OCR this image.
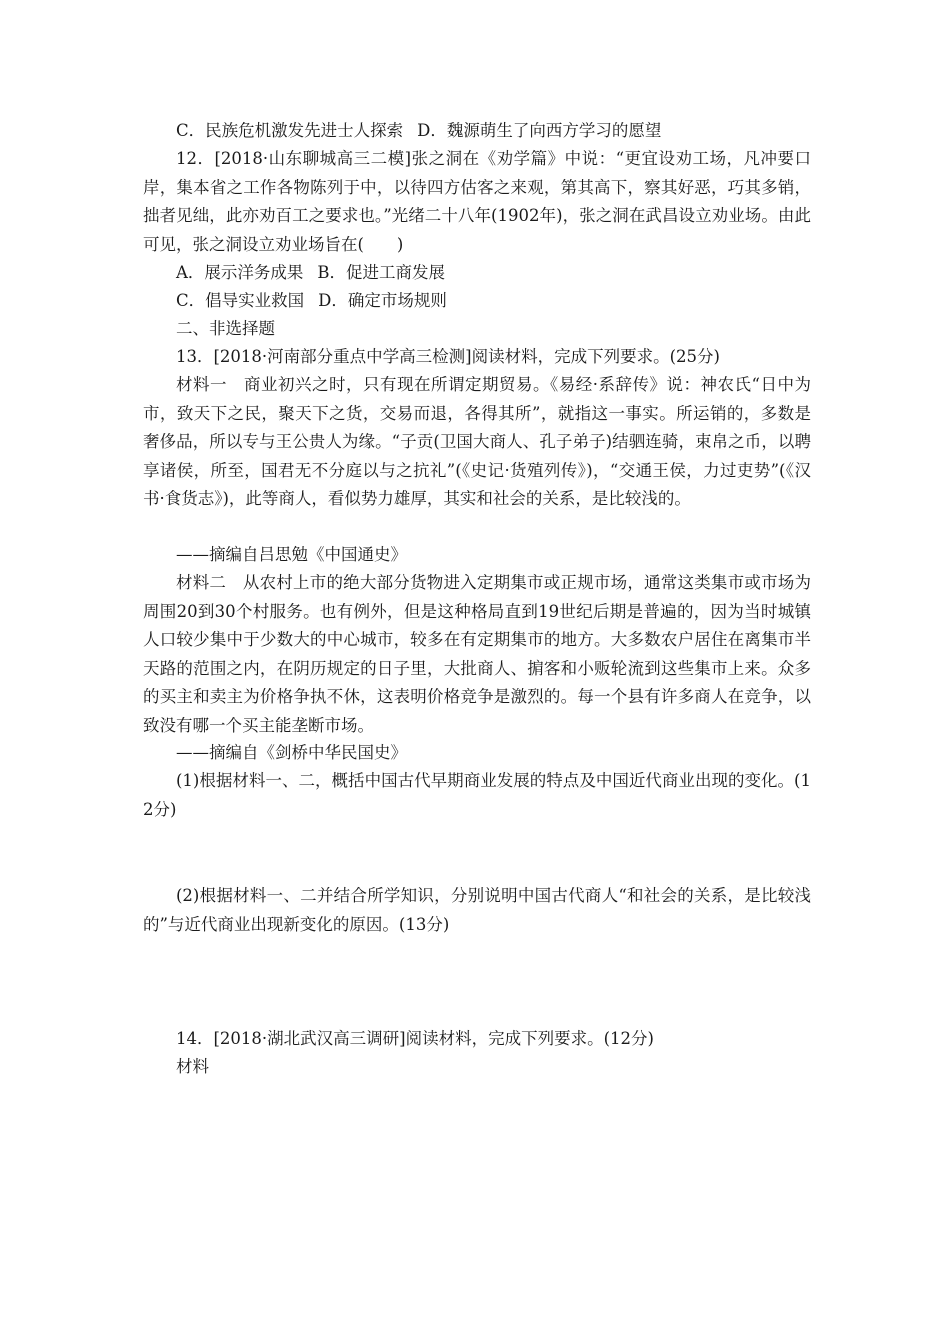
C．民族危机激发先进士人探索 D．魏源萌生了向西方学习的愿望

12．[2018·山东聊城高三二模]张之洞在《劝学篇》中说：“更宜设劝工场，凡冲要口岸，集本省之工作各物陈列于中，以待四方估客之来观，第其高下，察其好恶，巧其多销，拙者见绌，此亦劝百工之要求也。”光绪二十八年(1902年)，张之洞在武昌设立劝业场。由此可见，张之洞设立劝业场旨在(　　)

A．展示洋务成果 B．促进工商发展

C．倡导实业救国 D．确定市场规则

二、非选择题

13．[2018·河南部分重点中学高三检测]阅读材料，完成下列要求。(25分)

材料一　商业初兴之时，只有现在所谓定期贸易。《易经·系辞传》说：神农氏“日中为市，致天下之民，聚天下之货，交易而退，各得其所”，就指这一事实。所运销的，多数是奢侈品，所以专与王公贵人为缘。“子贡(卫国大商人、孔子弟子)结驷连骑，束帛之币，以聘享诸侯，所至，国君无不分庭以与之抗礼”(《史记·货殖列传》)，“交通王侯，力过吏势”(《汉书·食货志》)，此等商人，看似势力雄厚，其实和社会的关系，是比较浅的。

——摘编自吕思勉《中国通史》

材料二　从农村上市的绝大部分货物进入定期集市或正规市场，通常这类集市或市场为周围20到30个村服务。也有例外，但是这种格局直到19世纪后期是普遍的，因为当时城镇人口较少集中于少数大的中心城市，较多在有定期集市的地方。大多数农户居住在离集市半天路的范围之内，在阴历规定的日子里，大批商人、掮客和小贩轮流到这些集市上来。众多的买主和卖主为价格争执不休，这表明价格竞争是激烈的。每一个县有许多商人在竞争，以致没有哪一个买主能垄断市场。

——摘编自《剑桥中华民国史》

(1)根据材料一、二，概括中国古代早期商业发展的特点及中国近代商业出现的变化。(12分)

(2)根据材料一、二并结合所学知识，分别说明中国古代商人“和社会的关系，是比较浅的”与近代商业出现新变化的原因。(13分)

14．[2018·湖北武汉高三调研]阅读材料，完成下列要求。(12分)

材料
